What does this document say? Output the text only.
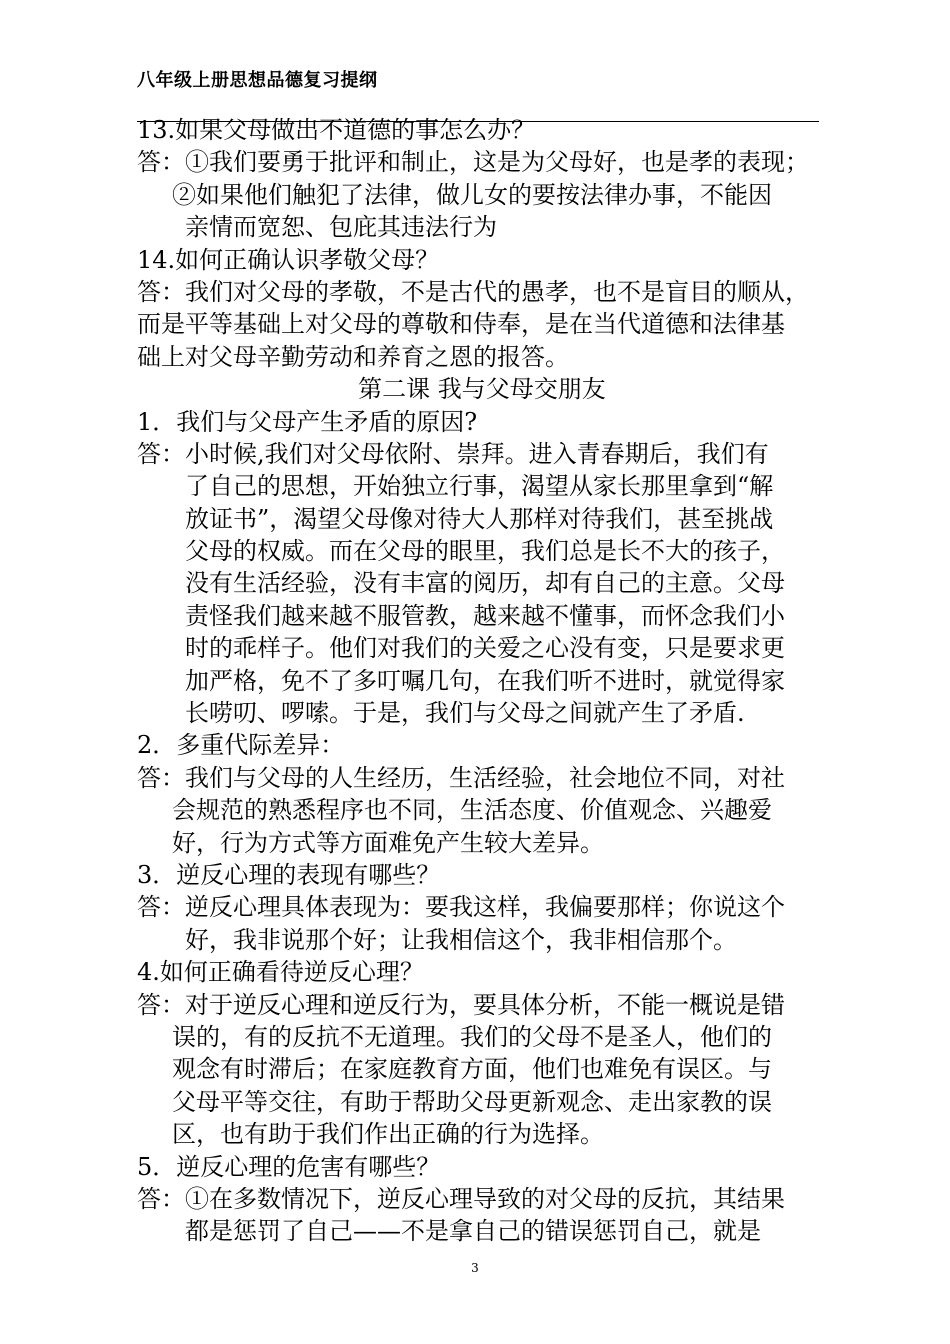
八年级上册思想品德复习提纲
13.如果父母做出不道德的事怎么办？
答：①我们要勇于批评和制止，这是为父母好，也是孝的表现；
②如果他们触犯了法律，做儿女的要按法律办事，不能因
亲情而宽恕、包庇其违法行为
14.如何正确认识孝敬父母？
答：我们对父母的孝敬，不是古代的愚孝，也不是盲目的顺从，
而是平等基础上对父母的尊敬和侍奉，是在当代道德和法律基
础上对父母辛勤劳动和养育之恩的报答。
第二课 我与父母交朋友
1．我们与父母产生矛盾的原因?
答：小时候,我们对父母依附、崇拜。进入青春期后，我们有
了自己的思想，开始独立行事，渴望从家长那里拿到“解
放证书”，渴望父母像对待大人那样对待我们，甚至挑战
父母的权威。而在父母的眼里，我们总是长不大的孩子，
没有生活经验，没有丰富的阅历，却有自己的主意。父母
责怪我们越来越不服管教，越来越不懂事，而怀念我们小
时的乖样子。他们对我们的关爱之心没有变，只是要求更
加严格，免不了多叮嘱几句，在我们听不进时，就觉得家
长唠叨、啰嗦。于是，我们与父母之间就产生了矛盾.
2．多重代际差异：
答：我们与父母的人生经历，生活经验，社会地位不同，对社
会规范的熟悉程序也不同，生活态度、价值观念、兴趣爱
好，行为方式等方面难免产生较大差异。
3．逆反心理的表现有哪些？
答：逆反心理具体表现为：要我这样，我偏要那样；你说这个
好，我非说那个好；让我相信这个，我非相信那个。
4.如何正确看待逆反心理？
答：对于逆反心理和逆反行为，要具体分析，不能一概说是错
误的，有的反抗不无道理。我们的父母不是圣人，他们的
观念有时滞后；在家庭教育方面，他们也难免有误区。与
父母平等交往，有助于帮助父母更新观念、走出家教的误
区，也有助于我们作出正确的行为选择。
5．逆反心理的危害有哪些？
答：①在多数情况下，逆反心理导致的对父母的反抗，其结果
都是惩罚了自己——不是拿自己的错误惩罚自己，就是
3
